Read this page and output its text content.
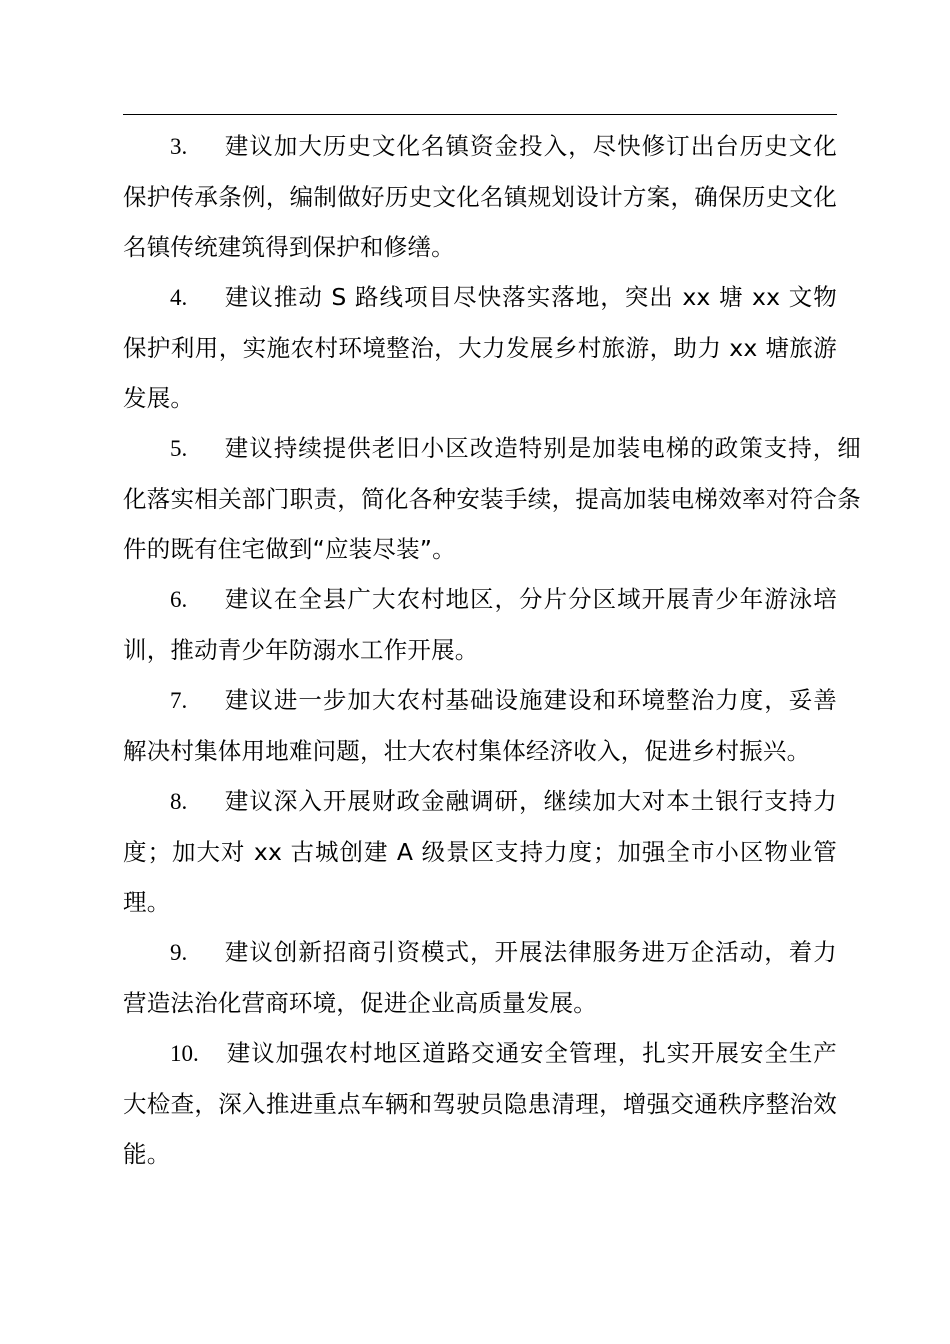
3. 建议加大历史文化名镇资金投入，尽快修订出台历史文化保护传承条例，编制做好历史文化名镇规划设计方案，确保历史文化名镇传统建筑得到保护和修缮。

4. 建议推动 S 路线项目尽快落实落地，突出 xx 塘 xx 文物保护利用，实施农村环境整治，大力发展乡村旅游，助力 xx 塘旅游发展。

5. 建议持续提供老旧小区改造特别是加装电梯的政策支持，细化落实相关部门职责，简化各种安装手续，提高加装电梯效率对符合条件的既有住宅做到“应装尽装”。

6. 建议在全县广大农村地区，分片分区域开展青少年游泳培训，推动青少年防溺水工作开展。

7. 建议进一步加大农村基础设施建设和环境整治力度，妥善解决村集体用地难问题，壮大农村集体经济收入，促进乡村振兴。

8. 建议深入开展财政金融调研，继续加大对本土银行支持力度；加大对 xx 古城创建 A 级景区支持力度；加强全市小区物业管理。

9. 建议创新招商引资模式，开展法律服务进万企活动，着力营造法治化营商环境，促进企业高质量发展。

10. 建议加强农村地区道路交通安全管理，扎实开展安全生产大检查，深入推进重点车辆和驾驶员隐患清理，增强交通秩序整治效能。
